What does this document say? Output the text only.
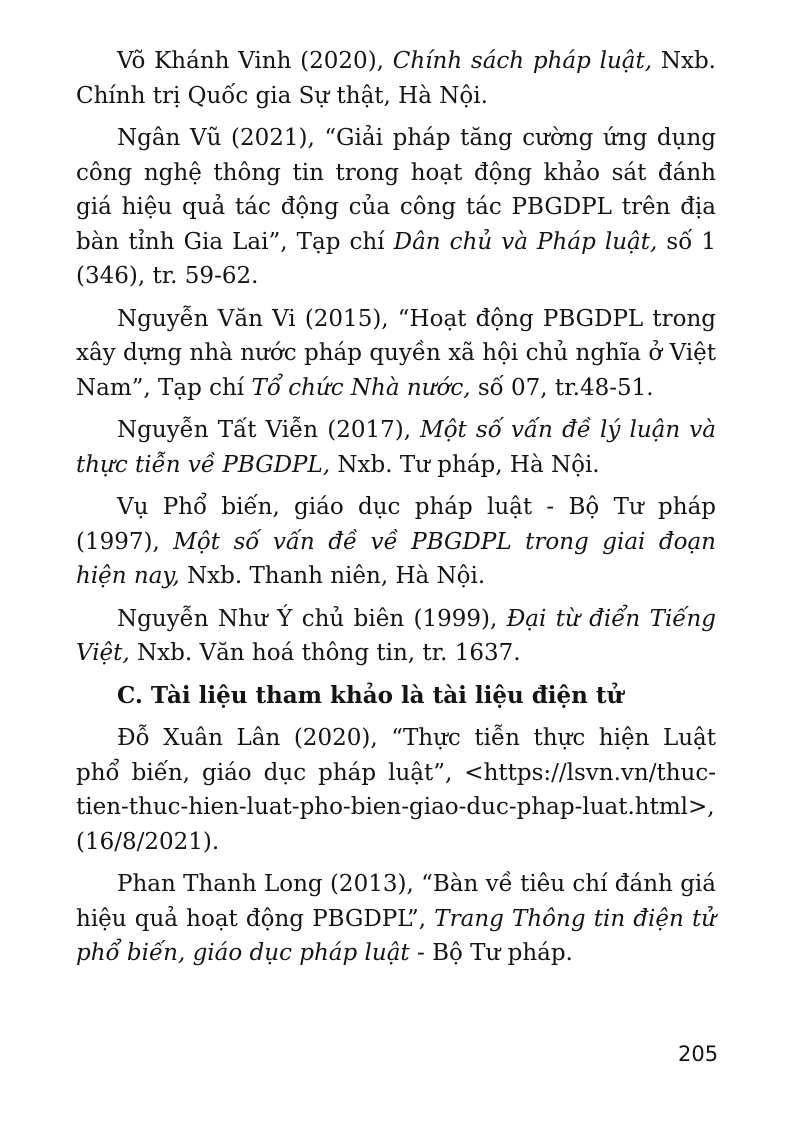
Võ Khánh Vinh (2020), Chính sách pháp luật, Nxb. Chính trị Quốc gia Sự thật, Hà Nội.

Ngân Vũ (2021), “Giải pháp tăng cường ứng dụng công nghệ thông tin trong hoạt động khảo sát đánh giá hiệu quả tác động của công tác PBGDPL trên địa bàn tỉnh Gia Lai”, Tạp chí Dân chủ và Pháp luật, số 1 (346), tr. 59-62.

Nguyễn Văn Vi (2015), “Hoạt động PBGDPL trong xây dựng nhà nước pháp quyền xã hội chủ nghĩa ở Việt Nam”, Tạp chí Tổ chức Nhà nước, số 07, tr.48-51.

Nguyễn Tất Viễn (2017), Một số vấn đề lý luận và thực tiễn về PBGDPL, Nxb. Tư pháp, Hà Nội.

Vụ Phổ biến, giáo dục pháp luật - Bộ Tư pháp (1997), Một số vấn đề về PBGDPL trong giai đoạn hiện nay, Nxb. Thanh niên, Hà Nội.

Nguyễn Như Ý chủ biên (1999), Đại từ điển Tiếng Việt, Nxb. Văn hoá thông tin, tr. 1637.

C. Tài liệu tham khảo là tài liệu điện tử

Đỗ Xuân Lân (2020), “Thực tiễn thực hiện Luật phổ biến, giáo dục pháp luật”, <https://lsvn.vn/thuc-tien-thuc-hien-luat-pho-bien-giao-duc-phap-luat.html>, (16/8/2021).

Phan Thanh Long (2013), “Bàn về tiêu chí đánh giá hiệu quả hoạt động PBGDPL”, Trang Thông tin điện tử phổ biến, giáo dục pháp luật - Bộ Tư pháp.

205
